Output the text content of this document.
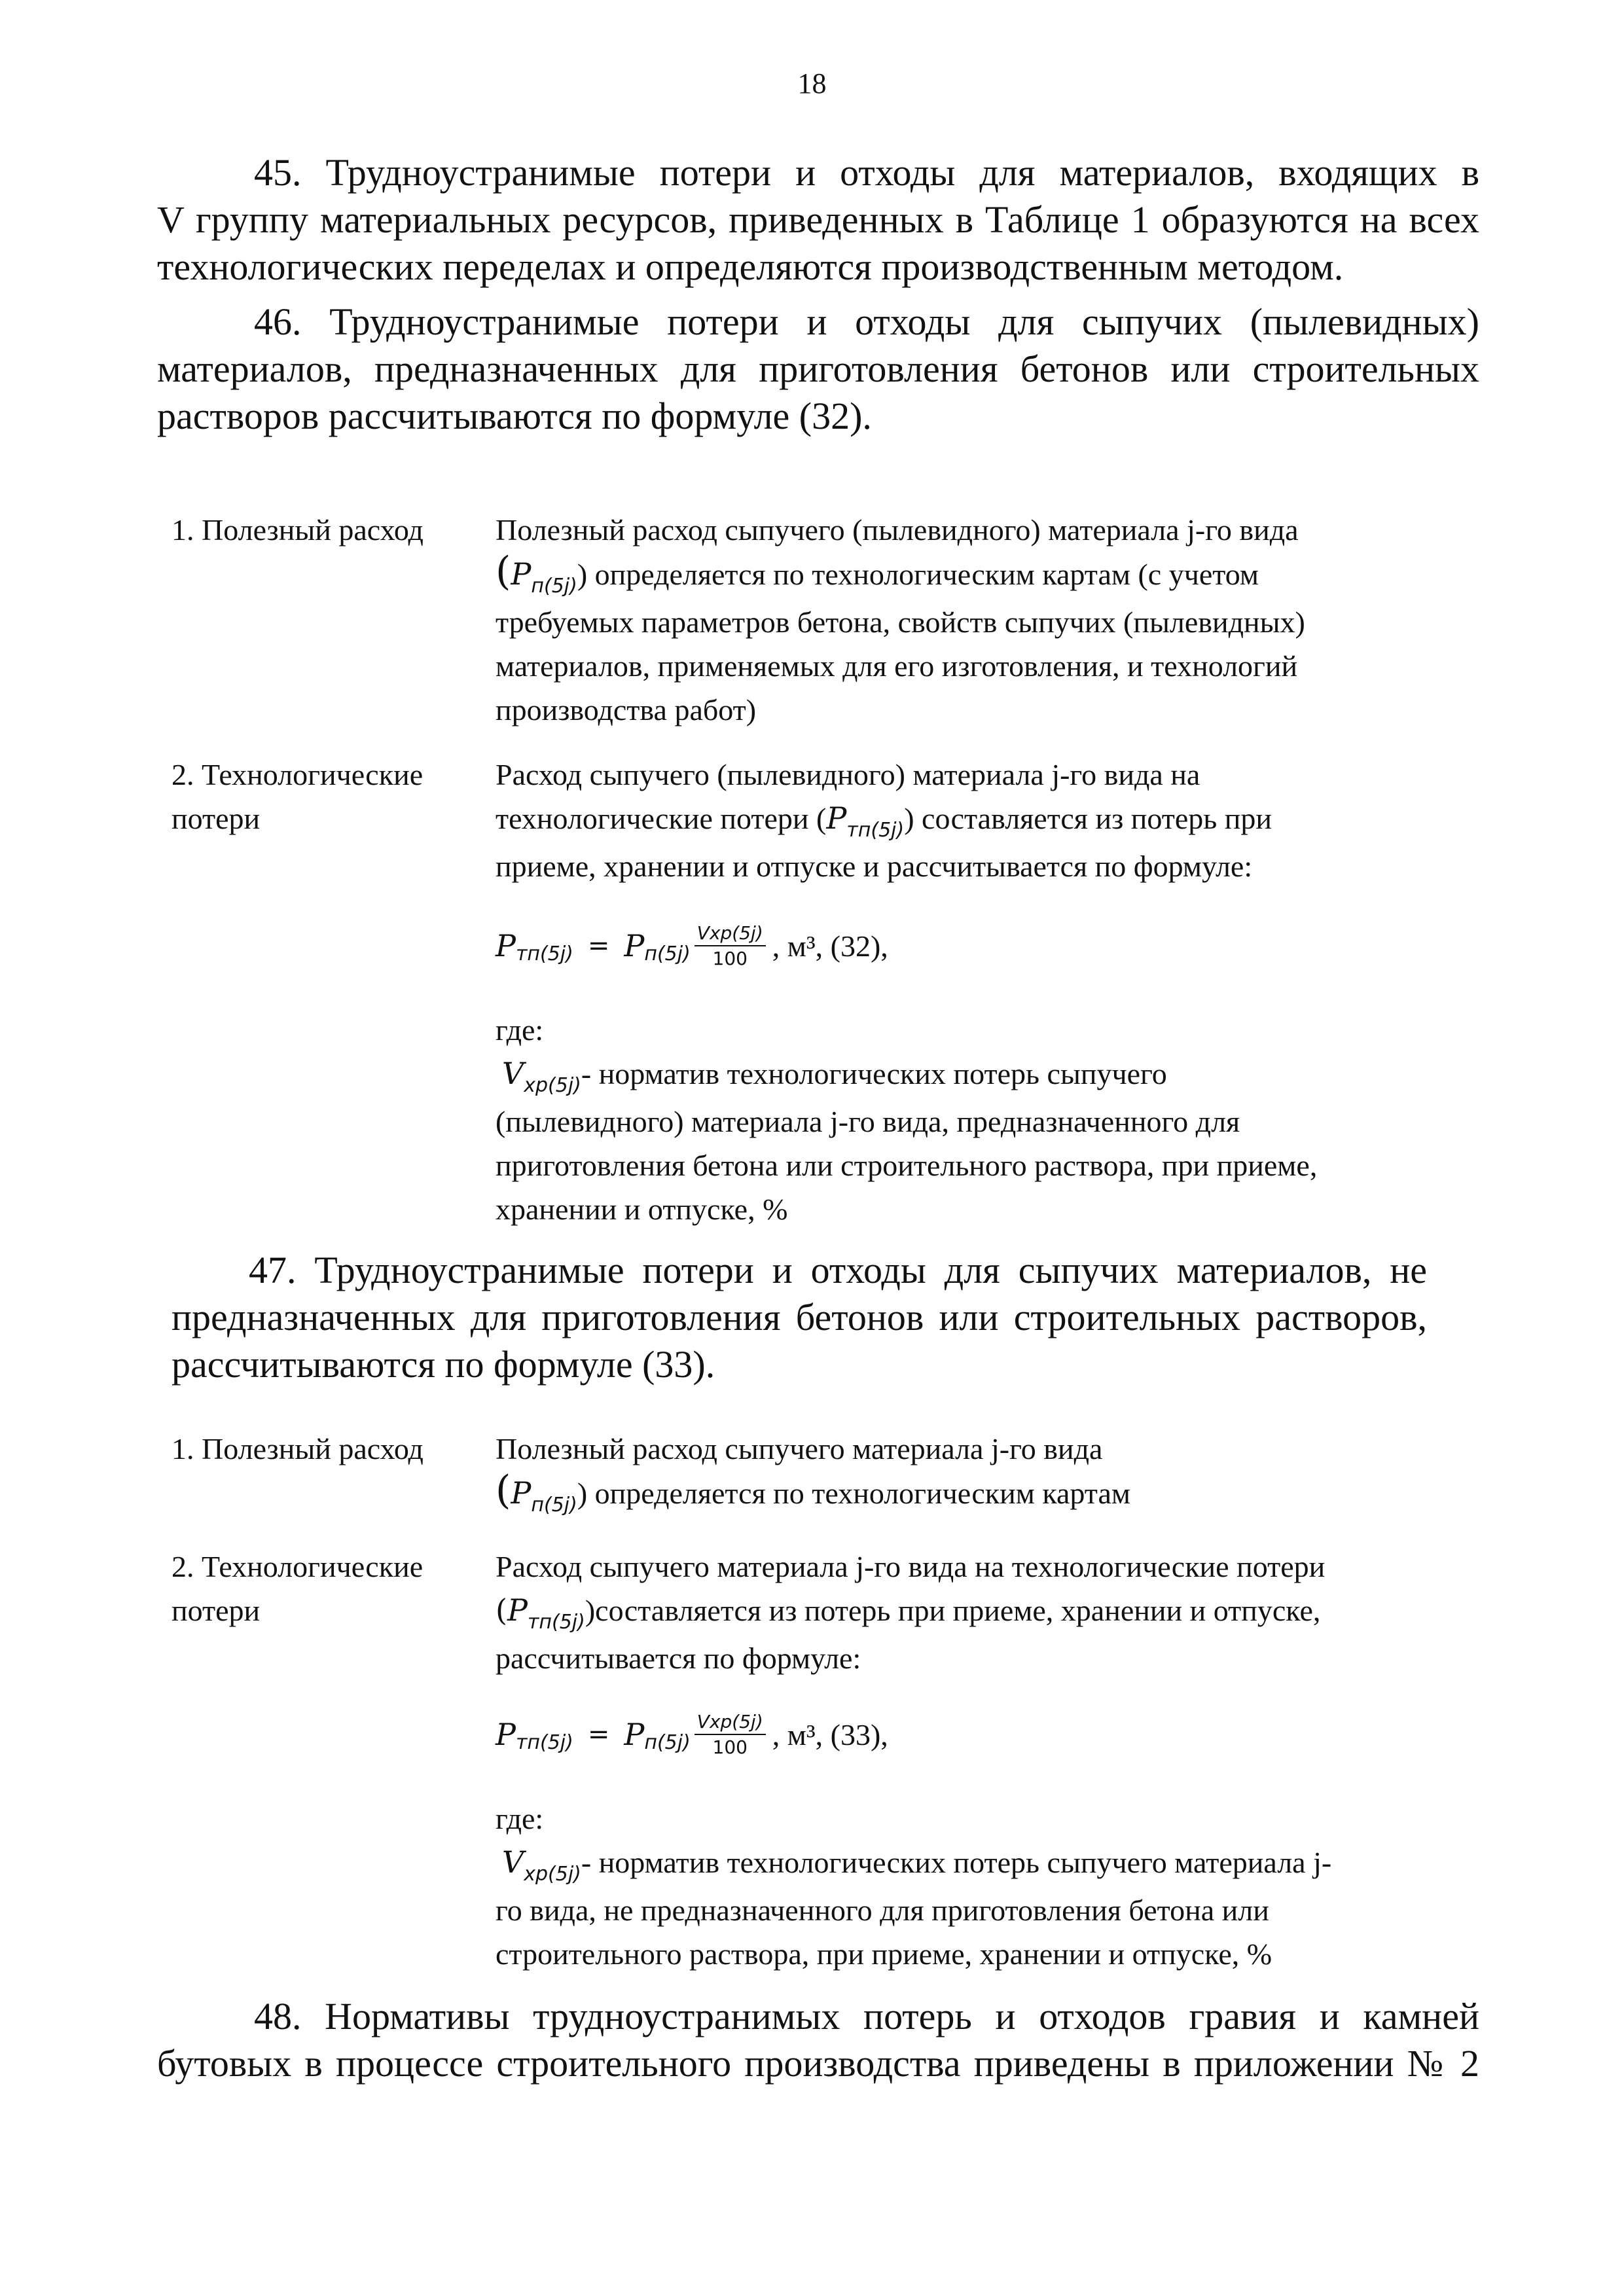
18
45. Трудноустранимые потери и отходы для материалов, входящих в
V группу материальных ресурсов, приведенных в Таблице 1 образуются на всех
технологических переделах и определяются производственным методом.
46. Трудноустранимые потери и отходы для сыпучих (пылевидных)
материалов, предназначенных для приготовления бетонов или строительных
растворов рассчитываются по формуле (32).
1. Полезный расход Полезный расход сыпучего (пылевидного) материала j-го вида
$(P_{п(5j)})$ определяется по технологическим картам (с учетом
требуемых параметров бетона, свойств сыпучих (пылевидных)
материалов, применяемых для его изготовления, и технологий
производства работ)
2. Технологические
потери
Расход сыпучего (пылевидного) материала j-го вида на
технологические потери $(P_{тп(5j)})$ составляется из потерь при
приеме, хранении и отпуске и рассчитывается по формуле:
P тп(5j) = P $п(5j) \frac{\text{Vxp(5j)}}{100}$ , м³, (32),
где:
$V_{xp(5j)}-$ норматив технологических потерь сыпучего
(пылевидного) материала j-го вида, предназначенного для
приготовления бетона или строительного раствора, при приеме,
хранении и отпуске, %
47. Трудноустранимые потери и отходы для сыпучих материалов, не
предназначенных для приготовления бетонов или строительных растворов,
рассчитываются по формуле (33).
1. Полезный расход Полезный расход сыпучего материала j-го вида
$(P_{п(5j)})$ определяется по технологическим картам
2. Технологические
потери
Расход сыпучего материала j-го вида на технологические потери
$(P_{тп(5j)})составляется$ из потерь при приеме, хранении и отпуске,
рассчитывается по формуле:
P тп(5j) = P $п(5j) \frac{\text{Vxp(5j)}}{100}$ , м³, (33),
где:
$V_{xp(5j)}-$ норматив технологических потерь сыпучего материала j-
го вида, не предназначенного для приготовления бетона или
строительного раствора, при приеме, хранении и отпуске, %
48. Нормативы трудноустранимых потерь и отходов гравия и камней
бутовых в процессе строительного производства приведены в приложении № 2
